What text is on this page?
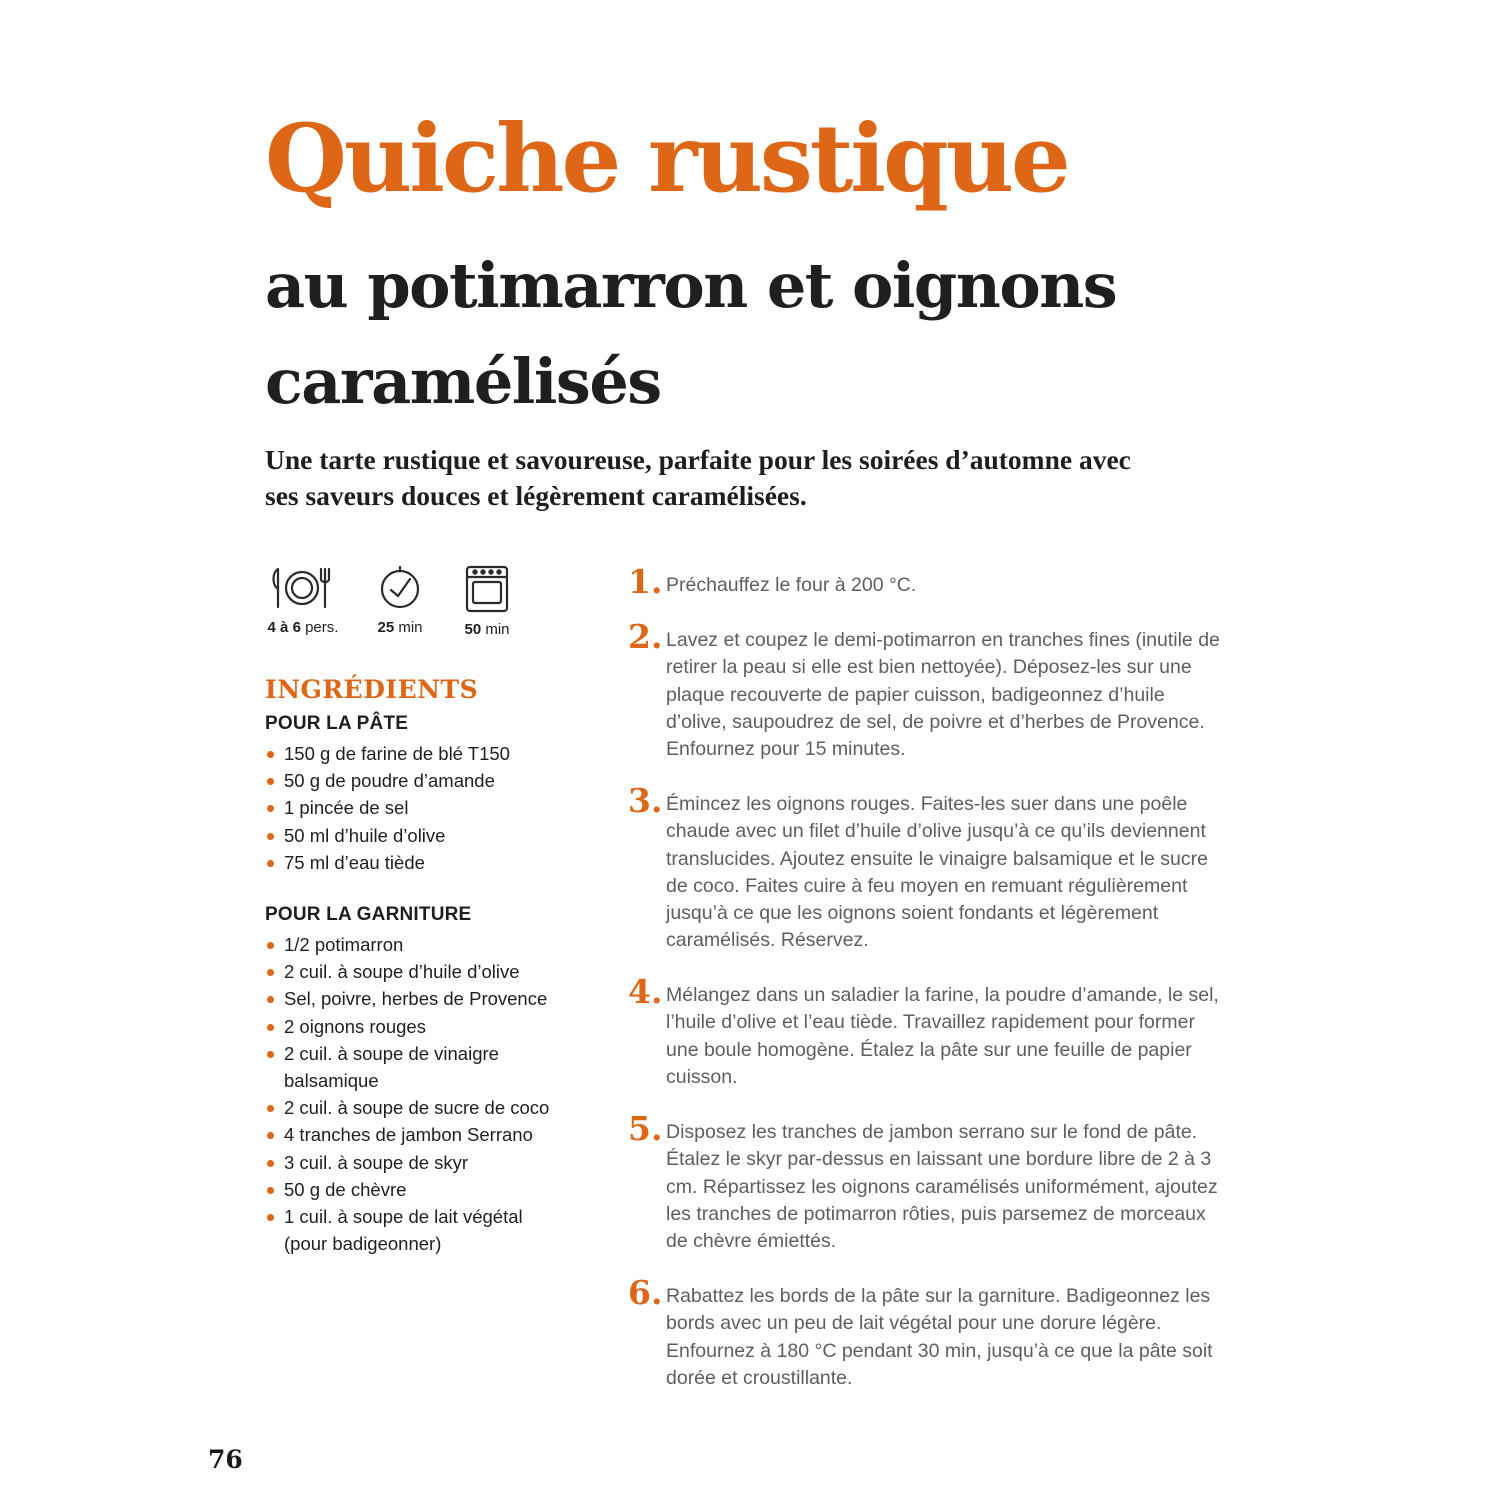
Quiche rustique
au potimarron et oignons caramélisés

Une tarte rustique et savoureuse, parfaite pour les soirées d’automne avec ses saveurs douces et légèrement caramélisées.

4 à 6 pers.	25 min	50 min
INGRÉDIENTS
POUR LA PÂTE
150 g de farine de blé T150
50 g de poudre d’amande
1 pincée de sel
50 ml d’huile d’olive
75 ml d’eau tiède
POUR LA GARNITURE
1/2 potimarron
2 cuil. à soupe d’huile d’olive
Sel, poivre, herbes de Provence
2 oignons rouges
2 cuil. à soupe de vinaigre balsamique
2 cuil. à soupe de sucre de coco
4 tranches de jambon Serrano
3 cuil. à soupe de skyr
50 g de chèvre
1 cuil. à soupe de lait végétal (pour badigeonner)
1. Préchauffez le four à 200 °C.

2. Lavez et coupez le demi-potimarron en tranches fines (inutile de retirer la peau si elle est bien nettoyée). Déposez-les sur une plaque recouverte de papier cuisson, badigeonnez d’huile d’olive, saupoudrez de sel, de poivre et d’herbes de Provence. Enfournez pour 15 minutes.

3. Émincez les oignons rouges. Faites-les suer dans une poêle chaude avec un filet d’huile d’olive jusqu’à ce qu’ils deviennent translucides. Ajoutez ensuite le vinaigre balsamique et le sucre de coco. Faites cuire à feu moyen en remuant régulièrement jusqu’à ce que les oignons soient fondants et légèrement caramélisés. Réservez.

4. Mélangez dans un saladier la farine, la poudre d’amande, le sel, l’huile d’olive et l’eau tiède. Travaillez rapidement pour former une boule homogène. Étalez la pâte sur une feuille de papier cuisson.

5. Disposez les tranches de jambon serrano sur le fond de pâte. Étalez le skyr par-dessus en laissant une bordure libre de 2 à 3 cm. Répartissez les oignons caramélisés uniformément, ajoutez les tranches de potimarron rôties, puis parsemez de morceaux de chèvre émiettés.

6. Rabattez les bords de la pâte sur la garniture. Badigeonnez les bords avec un peu de lait végétal pour une dorure légère. Enfournez à 180 °C pendant 30 min, jusqu’à ce que la pâte soit dorée et croustillante.

76
